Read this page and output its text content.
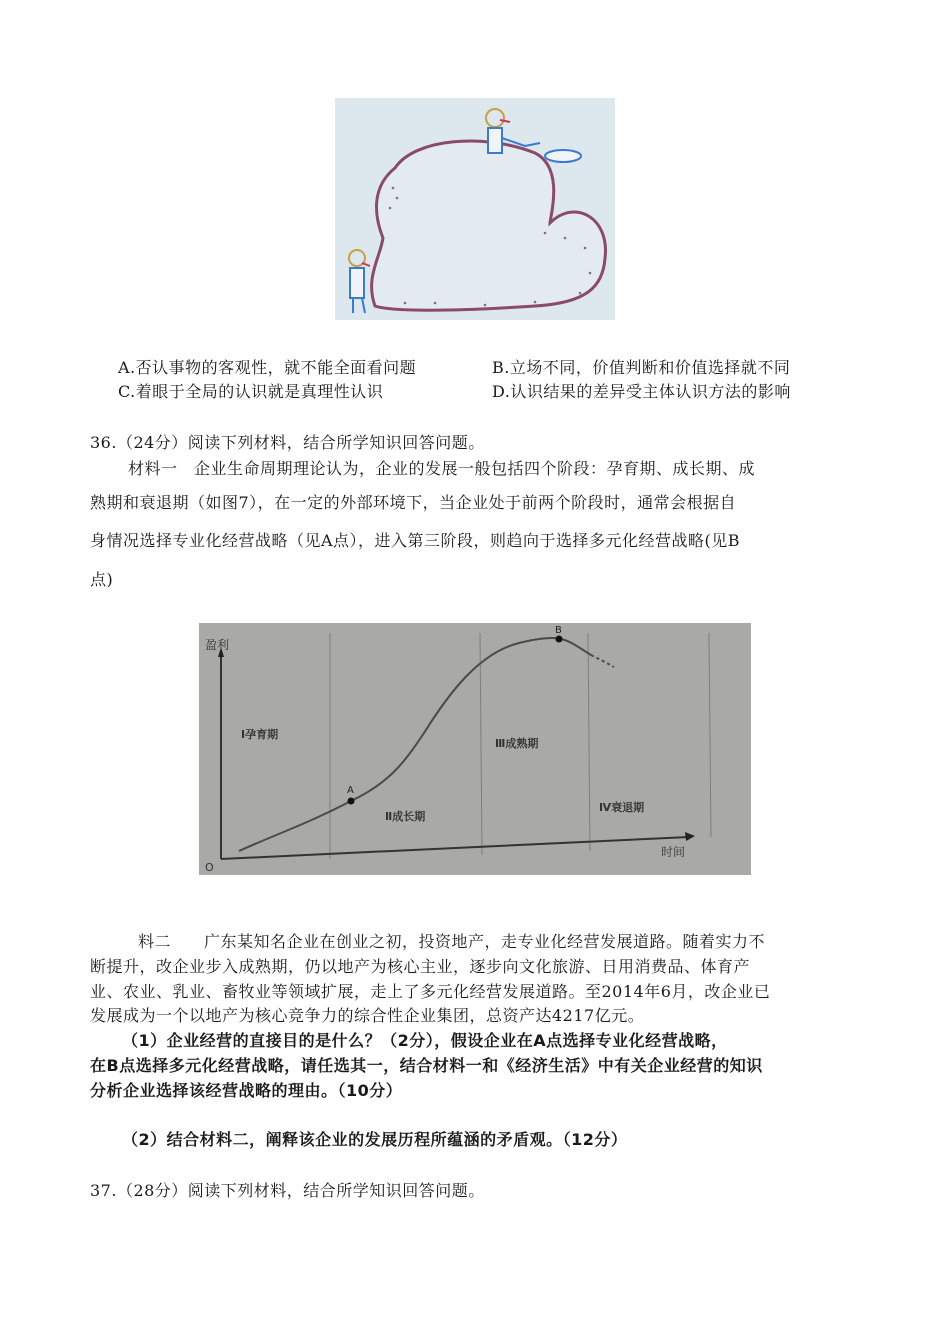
A.否认事物的客观性，就不能全面看问题	B.立场不同，价值判断和价值选择就不同
C.着眼于全局的认识就是真理性认识	D.认识结果的差异受主体认识方法的影响
36.（24分）阅读下列材料，结合所学知识回答问题。
材料一　企业生命周期理论认为，企业的发展一般包括四个阶段：孕育期、成长期、成
熟期和衰退期（如图7），在一定的外部环境下，当企业处于前两个阶段时，通常会根据自
身情况选择专业化经营战略（见A点），进入第三阶段，则趋向于选择多元化经营战略(见B
点)
A
B
盈利
时间
O
Ⅰ孕育期
Ⅱ成长期
Ⅲ成熟期
Ⅳ衰退期
料二　　广东某知名企业在创业之初，投资地产，走专业化经营发展道路。随着实力不
断提升，改企业步入成熟期，仍以地产为核心主业，逐步向文化旅游、日用消费品、体育产
业、农业、乳业、畜牧业等领域扩展，走上了多元化经营发展道路。至2014年6月，改企业已
发展成为一个以地产为核心竞争力的综合性企业集团，总资产达4217亿元。
（1）企业经营的直接目的是什么？（2分），假设企业在A点选择专业化经营战略，
在B点选择多元化经营战略，请任选其一，结合材料一和《经济生活》中有关企业经营的知识
分析企业选择该经营战略的理由。（10分）
（2）结合材料二，阐释该企业的发展历程所蕴涵的矛盾观。（12分）
37.（28分）阅读下列材料，结合所学知识回答问题。
